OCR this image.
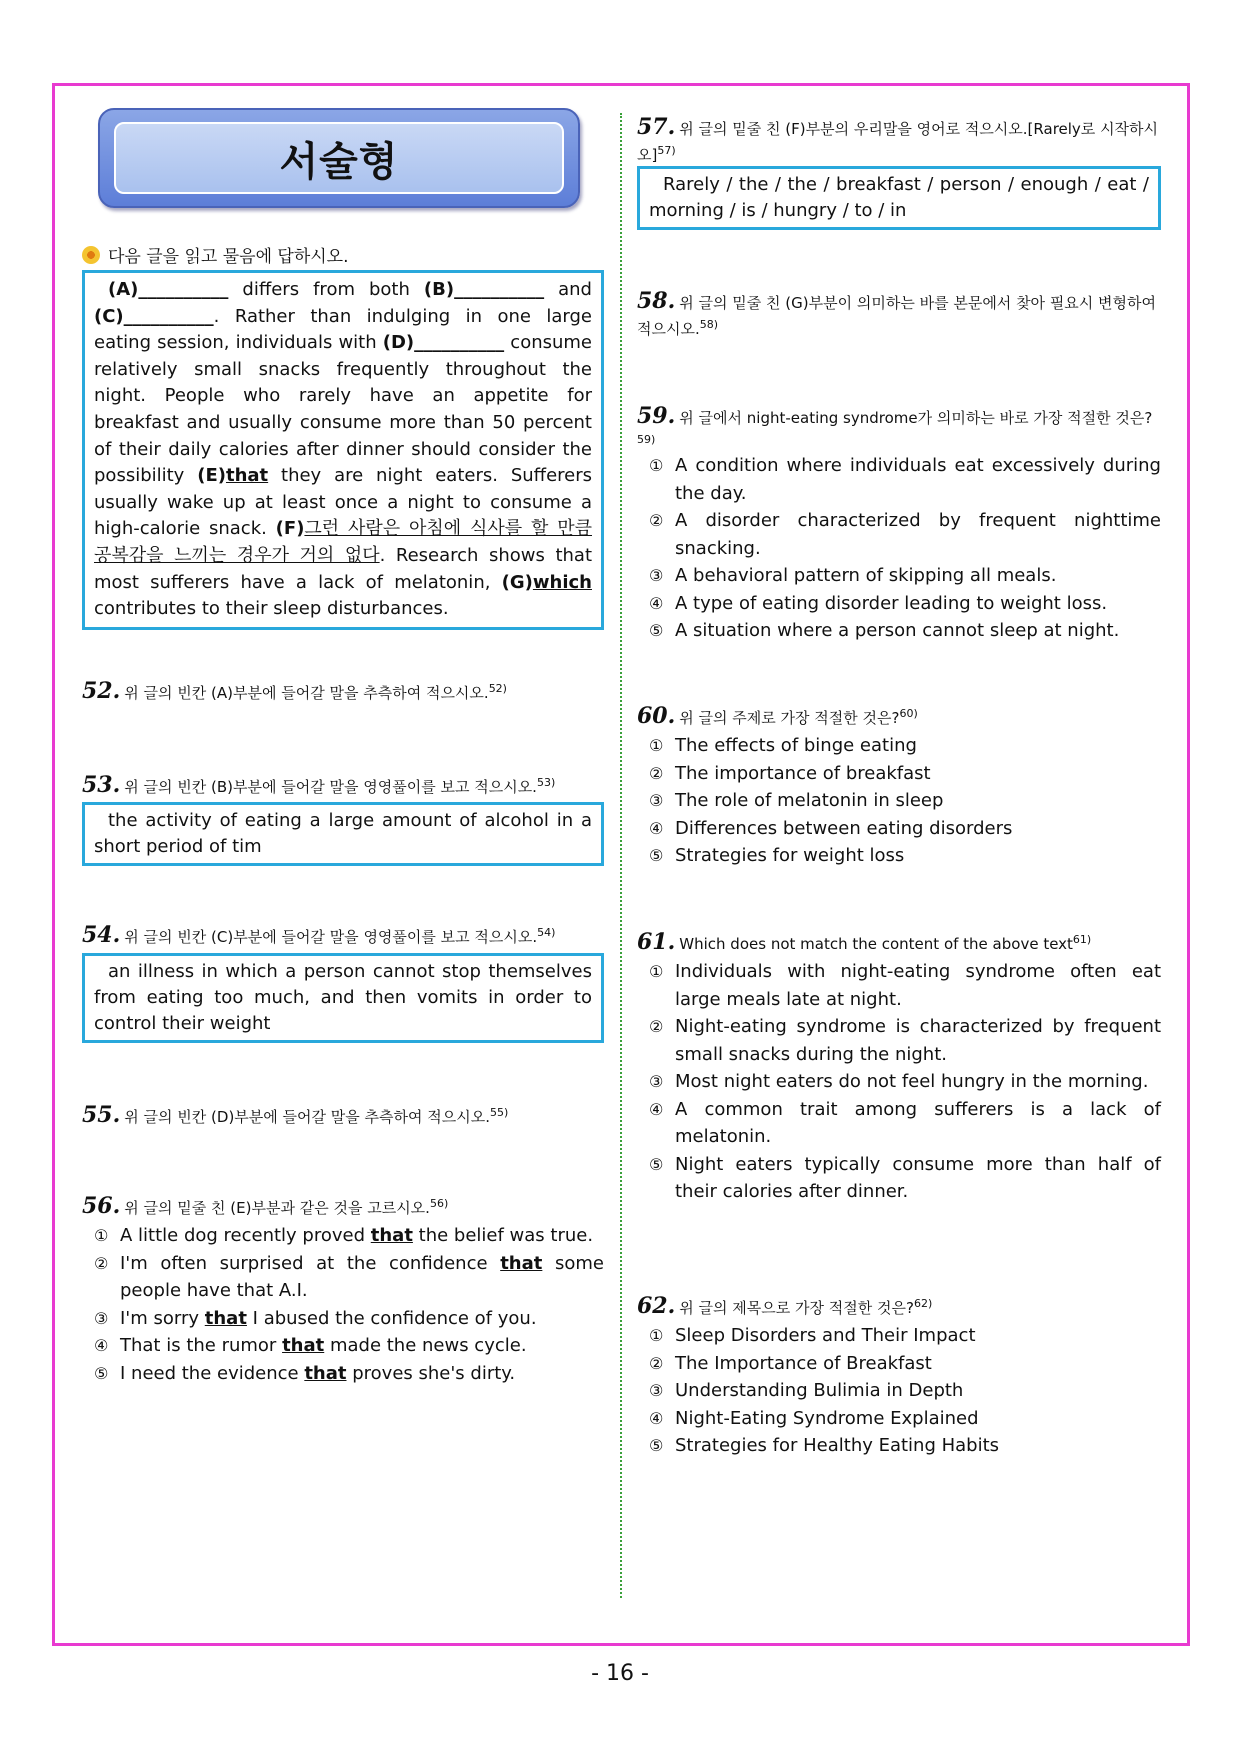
서술형
다음 글을 읽고 물음에 답하시오.

(A)__________ differs from both (B)__________ and (C)__________. Rather than indulging in one large eating session, individuals with (D)__________ consume relatively small snacks frequently throughout the night. People who rarely have an appetite for breakfast and usually consume more than 50 percent of their daily calories after dinner should consider the possibility (E)that they are night eaters. Sufferers usually wake up at least once a night to consume a high-calorie snack. (F)그런 사람은 아침에 식사를 할 만큼 공복감을 느끼는 경우가 거의 없다. Research shows that most sufferers have a lack of melatonin, (G)which contributes to their sleep disturbances.

52. 위 글의 빈칸 (A)부분에 들어갈 말을 추측하여 적으시오.$^{52)}$
53. 위 글의 빈칸 (B)부분에 들어갈 말을 영영풀이를 보고 적으시오.$^{53)}$

the activity of eating a large amount of alcohol in a short period of tim

54. 위 글의 빈칸 (C)부분에 들어갈 말을 영영풀이를 보고 적으시오.$^{54)}$

an illness in which a person cannot stop themselves from eating too much, and then vomits in order to control their weight

55. 위 글의 빈칸 (D)부분에 들어갈 말을 추측하여 적으시오.$^{55)}$
56. 위 글의 밑줄 친 (E)부분과 같은 것을 고르시오.$^{56)}$
① A little dog recently proved that the belief was true.
② I'm often surprised at the confidence that some people have that A.I.
③ I'm sorry that I abused the confidence of you.
④ That is the rumor that made the news cycle.
⑤ I need the evidence that proves she's dirty.
57. 위 글의 밑줄 친 (F)부분의 우리말을 영어로 적으시오.[Rarely로 시작하시오]$^{57)}$

Rarely / the / the / breakfast / person / enough / eat / morning / is / hungry / to / in

58. 위 글의 밑줄 친 (G)부분이 의미하는 바를 본문에서 찾아 필요시 변형하여 적으시오.$^{58)}$
59. 위 글에서 night-eating syndrome가 의미하는 바로 가장 적절한 것은?$^{59)}$
① A condition where individuals eat excessively during the day.
② A disorder characterized by frequent nighttime snacking.
③ A behavioral pattern of skipping all meals.
④ A type of eating disorder leading to weight loss.
⑤ A situation where a person cannot sleep at night.
60. 위 글의 주제로 가장 적절한 것은?$^{60)}$
① The effects of binge eating
② The importance of breakfast
③ The role of melatonin in sleep
④ Differences between eating disorders
⑤ Strategies for weight loss
61. Which does not match the content of the above text$^{61)}$
① Individuals with night-eating syndrome often eat large meals late at night.
② Night-eating syndrome is characterized by frequent small snacks during the night.
③ Most night eaters do not feel hungry in the morning.
④ A common trait among sufferers is a lack of melatonin.
⑤ Night eaters typically consume more than half of their calories after dinner.
62. 위 글의 제목으로 가장 적절한 것은?$^{62)}$
① Sleep Disorders and Their Impact
② The Importance of Breakfast
③ Understanding Bulimia in Depth
④ Night-Eating Syndrome Explained
⑤ Strategies for Healthy Eating Habits
- 16 -
